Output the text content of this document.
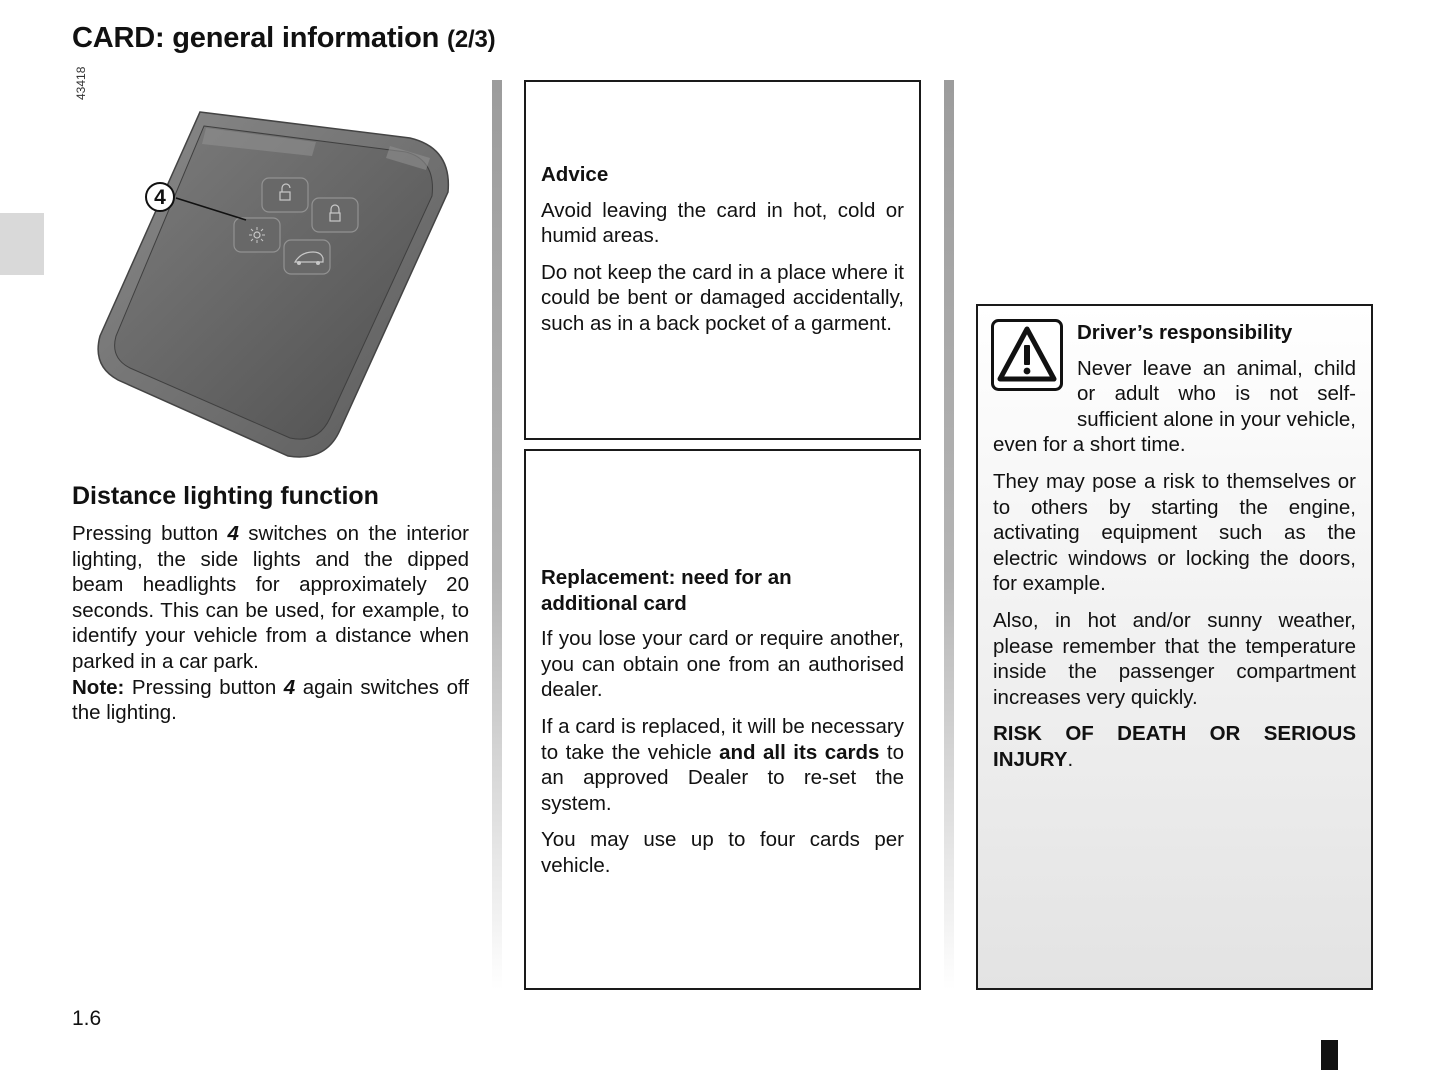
CARD: general information (2/3)
43418
4
Distance lighting function

Pressing button 4 switches on the interior lighting, the side lights and the dipped beam headlights for approximately 20 seconds. This can be used, for example, to identify your vehicle from a distance when parked in a car park.
Note: Pressing button 4 again switches off the lighting.

Advice

Avoid leaving the card in hot, cold or humid areas.

Do not keep the card in a place where it could be bent or damaged accidentally, such as in a back pocket of a garment.

Replacement: need for an additional card

If you lose your card or require another, you can obtain one from an authorised dealer.

If a card is replaced, it will be necessary to take the vehicle and all its cards to an approved Dealer to re-set the system.

You may use up to four cards per vehicle.

Driver’s responsibility

Never leave an animal, child or adult who is not self-sufficient alone in your vehicle, even for a short time.

They may pose a risk to themselves or to others by starting the engine, activating equipment such as the electric windows or locking the doors, for example.

Also, in hot and/or sunny weather, please remember that the temperature inside the passenger compartment increases very quickly.

RISK OF DEATH OR SERIOUS INJURY.

1.6
